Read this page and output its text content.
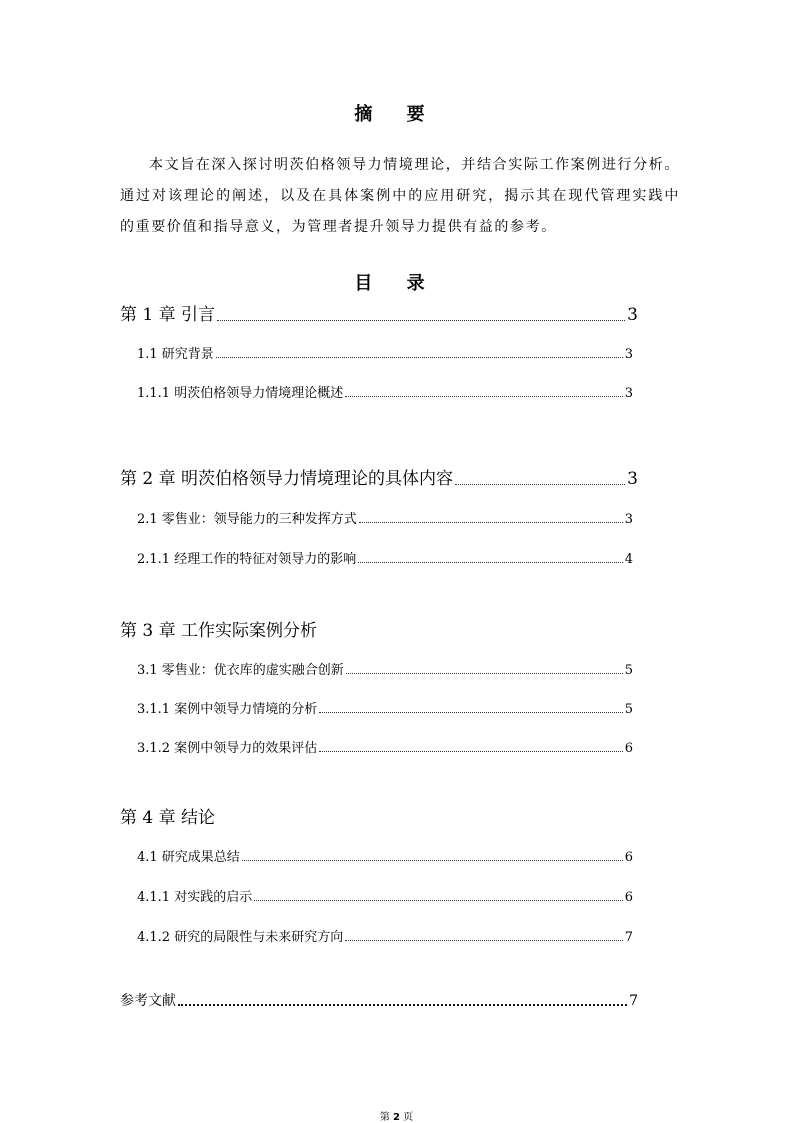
摘 要

本文旨在深入探讨明茨伯格领导力情境理论，并结合实际工作案例进行分析。通过对该理论的阐述，以及在具体案例中的应用研究，揭示其在现代管理实践中的重要价值和指导意义，为管理者提升领导力提供有益的参考。

目 录
第 1 章 引言	3
1.1 研究背景	3
1.1.1 明茨伯格领导力情境理论概述	3
第 2 章 明茨伯格领导力情境理论的具体内容	3
2.1 零售业：领导能力的三种发挥方式	3
2.1.1 经理工作的特征对领导力的影响	4
第 3 章 工作实际案例分析
3.1 零售业：优衣库的虚实融合创新	5
3.1.1 案例中领导力情境的分析	5
3.1.2 案例中领导力的效果评估	6
第 4 章 结论
4.1 研究成果总结	6
4.1.1 对实践的启示	6
4.1.2 研究的局限性与未来研究方向	7
参考文献	7
第 2 页
